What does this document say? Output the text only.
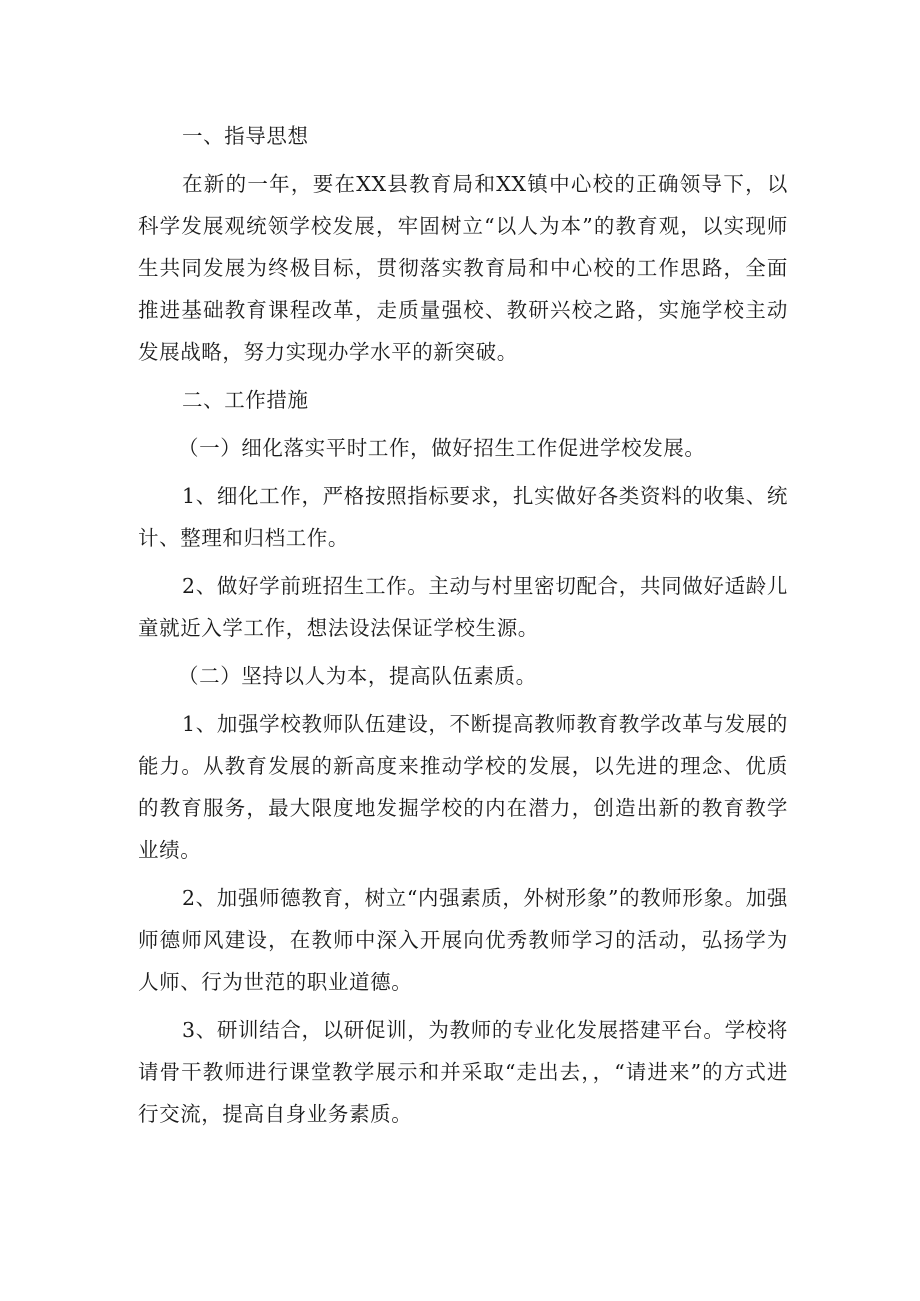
一、指导思想

在新的一年，要在XX县教育局和XX镇中心校的正确领导下，以科学发展观统领学校发展，牢固树立“以人为本”的教育观，以实现师生共同发展为终极目标，贯彻落实教育局和中心校的工作思路，全面推进基础教育课程改革，走质量强校、教研兴校之路，实施学校主动发展战略，努力实现办学水平的新突破。

二、工作措施

（一）细化落实平时工作，做好招生工作促进学校发展。

1、细化工作，严格按照指标要求，扎实做好各类资料的收集、统计、整理和归档工作。

2、做好学前班招生工作。主动与村里密切配合，共同做好适龄儿童就近入学工作，想法设法保证学校生源。

（二）坚持以人为本，提高队伍素质。

1、加强学校教师队伍建设，不断提高教师教育教学改革与发展的能力。从教育发展的新高度来推动学校的发展，以先进的理念、优质的教育服务，最大限度地发掘学校的内在潜力，创造出新的教育教学业绩。

2、加强师德教育，树立“内强素质，外树形象”的教师形象。加强师德师风建设，在教师中深入开展向优秀教师学习的活动，弘扬学为人师、行为世范的职业道德。

3、研训结合，以研促训，为教师的专业化发展搭建平台。学校将请骨干教师进行课堂教学展示和并采取“走出去，，“请进来”的方式进行交流，提高自身业务素质。
